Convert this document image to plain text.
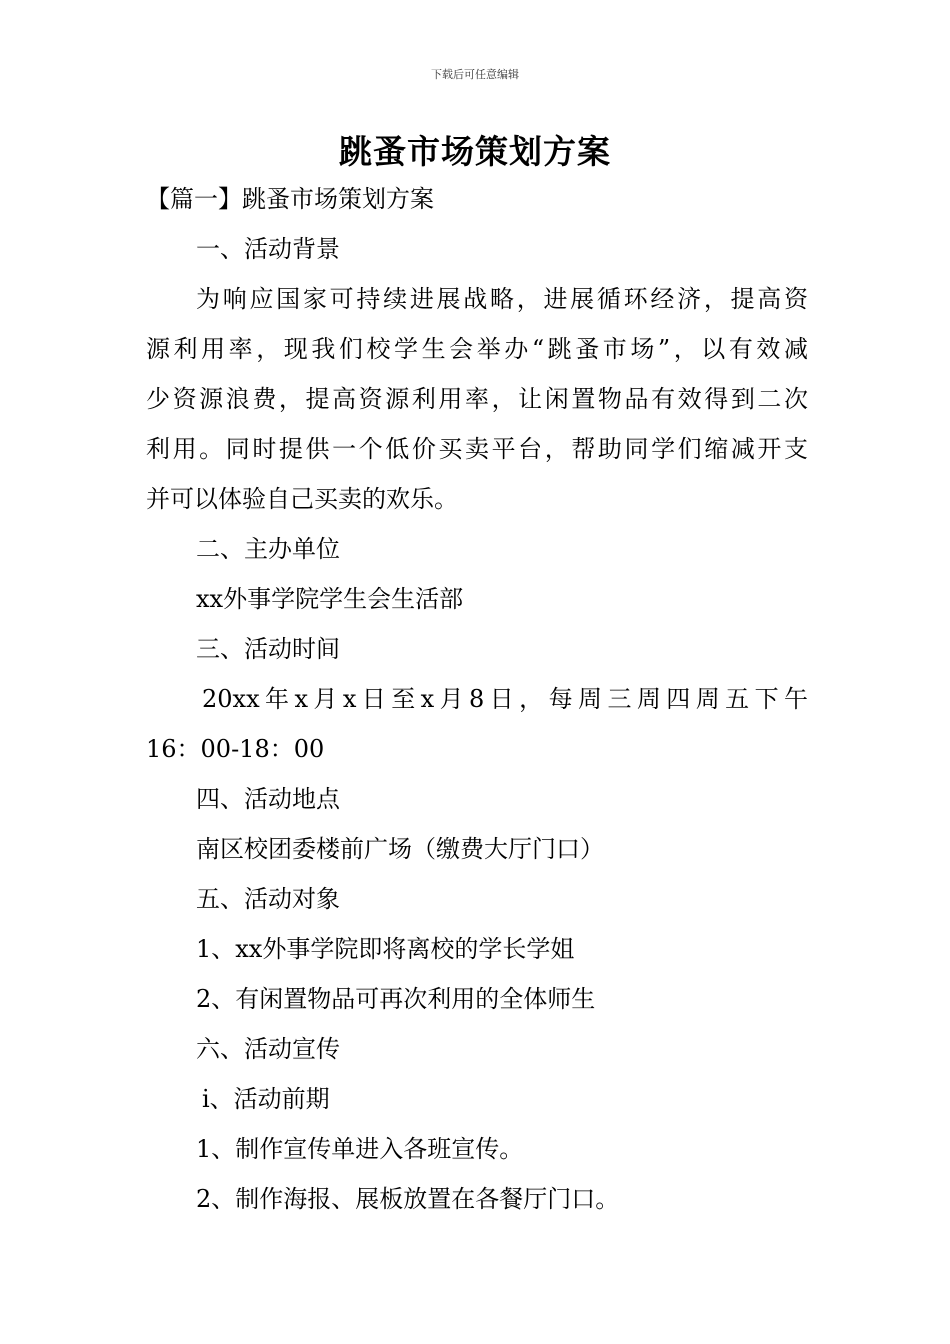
下载后可任意编辑
跳蚤市场策划方案
【篇一】跳蚤市场策划方案
一、活动背景
为响应国家可持续进展战略，进展循环经济，提高资
源利用率，现我们校学生会举办“跳蚤市场”，以有效减
少资源浪费，提高资源利用率，让闲置物品有效得到二次
利用。同时提供一个低价买卖平台，帮助同学们缩减开支
并可以体验自己买卖的欢乐。
二、主办单位
xx外事学院学生会生活部
三、活动时间
20xx年x月x日至x月8日，每周三周四周五下午
16：00-18：00
四、活动地点
南区校团委楼前广场（缴费大厅门口）
五、活动对象
1、xx外事学院即将离校的学长学姐
2、有闲置物品可再次利用的全体师生
六、活动宣传
ⅰ、活动前期
1、制作宣传单进入各班宣传。
2、制作海报、展板放置在各餐厅门口。
